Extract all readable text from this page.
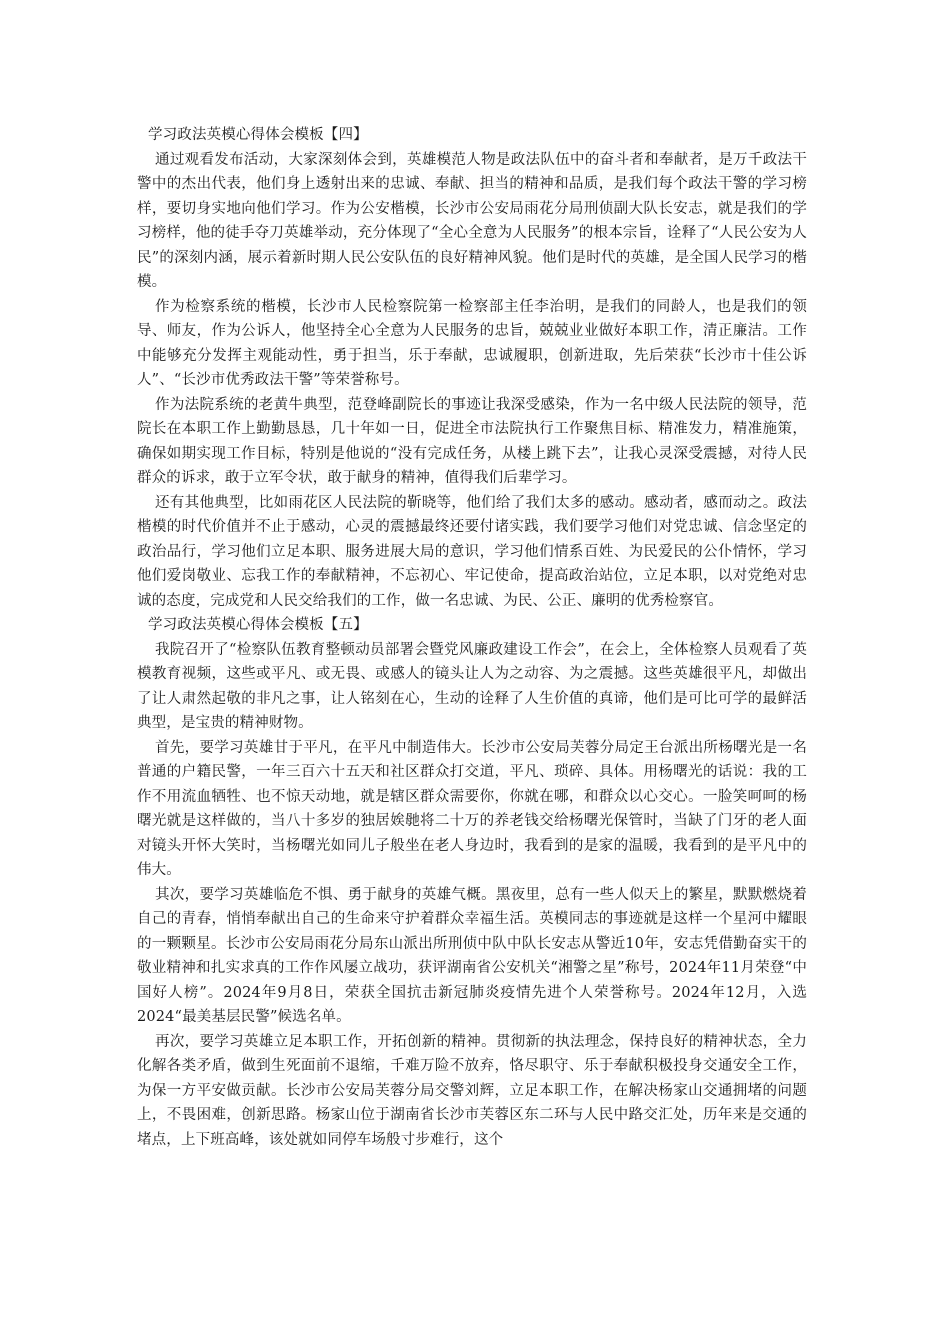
学习政法英模心得体会模板【四】

通过观看发布活动，大家深刻体会到，英雄模范人物是政法队伍中的奋斗者和奉献者，是万千政法干警中的杰出代表，他们身上透射出来的忠诚、奉献、担当的精神和品质，是我们每个政法干警的学习榜样，要切身实地向他们学习。作为公安楷模，长沙市公安局雨花分局刑侦副大队长安志，就是我们的学习榜样，他的徒手夺刀英雄举动，充分体现了“全心全意为人民服务”的根本宗旨，诠释了“人民公安为人民”的深刻内涵，展示着新时期人民公安队伍的良好精神风貌。他们是时代的英雄，是全国人民学习的楷模。

作为检察系统的楷模，长沙市人民检察院第一检察部主任李治明，是我们的同龄人，也是我们的领导、师友，作为公诉人，他坚持全心全意为人民服务的忠旨，兢兢业业做好本职工作，清正廉洁。工作中能够充分发挥主观能动性，勇于担当，乐于奉献，忠诚履职，创新进取，先后荣获“长沙市十佳公诉人”、“长沙市优秀政法干警”等荣誉称号。

作为法院系统的老黄牛典型，范登峰副院长的事迹让我深受感染，作为一名中级人民法院的领导，范院长在本职工作上勤勤恳恳，几十年如一日，促进全市法院执行工作聚焦目标、精准发力，精准施策，确保如期实现工作目标，特别是他说的“没有完成任务，从楼上跳下去”，让我心灵深受震撼，对待人民群众的诉求，敢于立军令状，敢于献身的精神，值得我们后辈学习。

还有其他典型，比如雨花区人民法院的靳晓等，他们给了我们太多的感动。感动者，感而动之。政法楷模的时代价值并不止于感动，心灵的震撼最终还要付诸实践，我们要学习他们对党忠诚、信念坚定的政治品行，学习他们立足本职、服务进展大局的意识，学习他们情系百姓、为民爱民的公仆情怀，学习他们爱岗敬业、忘我工作的奉献精神，不忘初心、牢记使命，提高政治站位，立足本职，以对党绝对忠诚的态度，完成党和人民交给我们的工作，做一名忠诚、为民、公正、廉明的优秀检察官。

学习政法英模心得体会模板【五】

我院召开了“检察队伍教育整顿动员部署会暨党风廉政建设工作会”，在会上，全体检察人员观看了英模教育视频，这些或平凡、或无畏、或感人的镜头让人为之动容、为之震撼。这些英雄很平凡，却做出了让人肃然起敬的非凡之事，让人铭刻在心，生动的诠释了人生价值的真谛，他们是可比可学的最鲜活典型，是宝贵的精神财物。

首先，要学习英雄甘于平凡，在平凡中制造伟大。长沙市公安局芙蓉分局定王台派出所杨曙光是一名普通的户籍民警，一年三百六十五天和社区群众打交道，平凡、琐碎、具体。用杨曙光的话说：我的工作不用流血牺牲、也不惊天动地，就是辖区群众需要你，你就在哪，和群众以心交心。一脸笑呵呵的杨曙光就是这样做的，当八十多岁的独居娭毑将二十万的养老钱交给杨曙光保管时，当缺了门牙的老人面对镜头开怀大笑时，当杨曙光如同儿子般坐在老人身边时，我看到的是家的温暖，我看到的是平凡中的伟大。

其次，要学习英雄临危不惧、勇于献身的英雄气概。黑夜里，总有一些人似天上的繁星，默默燃烧着自己的青春，悄悄奉献出自己的生命来守护着群众幸福生活。英模同志的事迹就是这样一个星河中耀眼的一颗颗星。长沙市公安局雨花分局东山派出所刑侦中队中队长安志从警近10年，安志凭借勤奋实干的敬业精神和扎实求真的工作作风屡立战功，获评湖南省公安机关“湘警之星”称号，2024年11月荣登“中国好人榜”。2024年9月8日，荣获全国抗击新冠肺炎疫情先进个人荣誉称号。2024年12月，入选2024“最美基层民警”候选名单。

再次，要学习英雄立足本职工作，开拓创新的精神。贯彻新的执法理念，保持良好的精神状态，全力化解各类矛盾，做到生死面前不退缩，千难万险不放弃，恪尽职守、乐于奉献积极投身交通安全工作，为保一方平安做贡献。长沙市公安局芙蓉分局交警刘辉，立足本职工作，在解决杨家山交通拥堵的问题上，不畏困难，创新思路。杨家山位于湖南省长沙市芙蓉区东二环与人民中路交汇处，历年来是交通的堵点，上下班高峰，该处就如同停车场般寸步难行，这个
